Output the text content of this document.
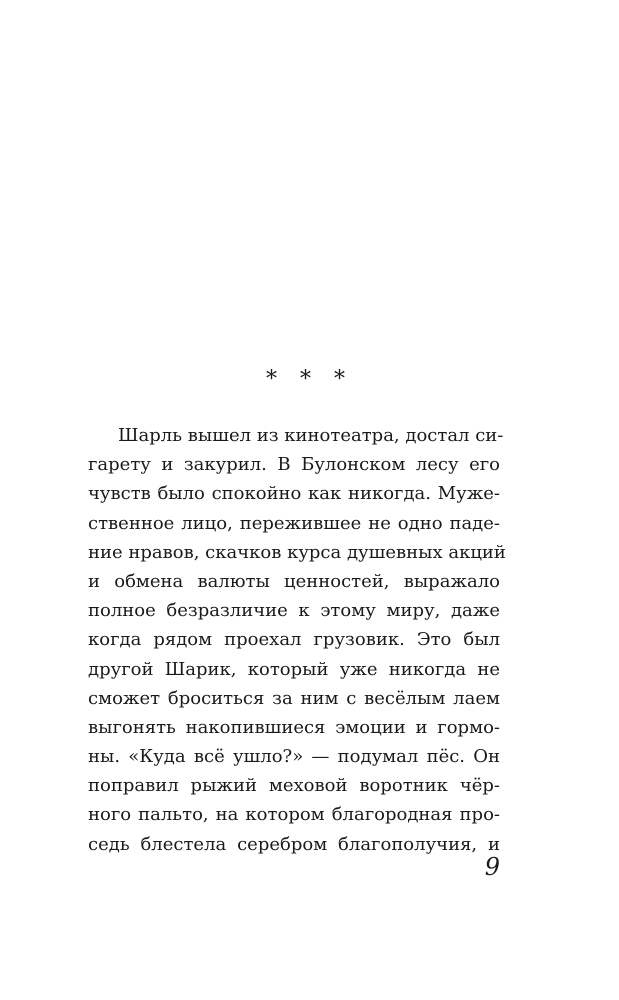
* * *
Шарль вышел из кинотеатра, достал си-
гарету и закурил. В Булонском лесу его
чувств было спокойно как никогда. Муже-
ственное лицо, пережившее не одно паде-
ние нравов, скачков курса душевных акций
и обмена валюты ценностей, выражало
полное безразличие к этому миру, даже
когда рядом проехал грузовик. Это был
другой Шарик, который уже никогда не
сможет броситься за ним с весёлым лаем
выгонять накопившиеся эмоции и гормо-
ны. «Куда всё ушло?» — подумал пёс. Он
поправил рыжий меховой воротник чёр-
ного пальто, на котором благородная про-
седь блестела серебром благополучия, и
9
